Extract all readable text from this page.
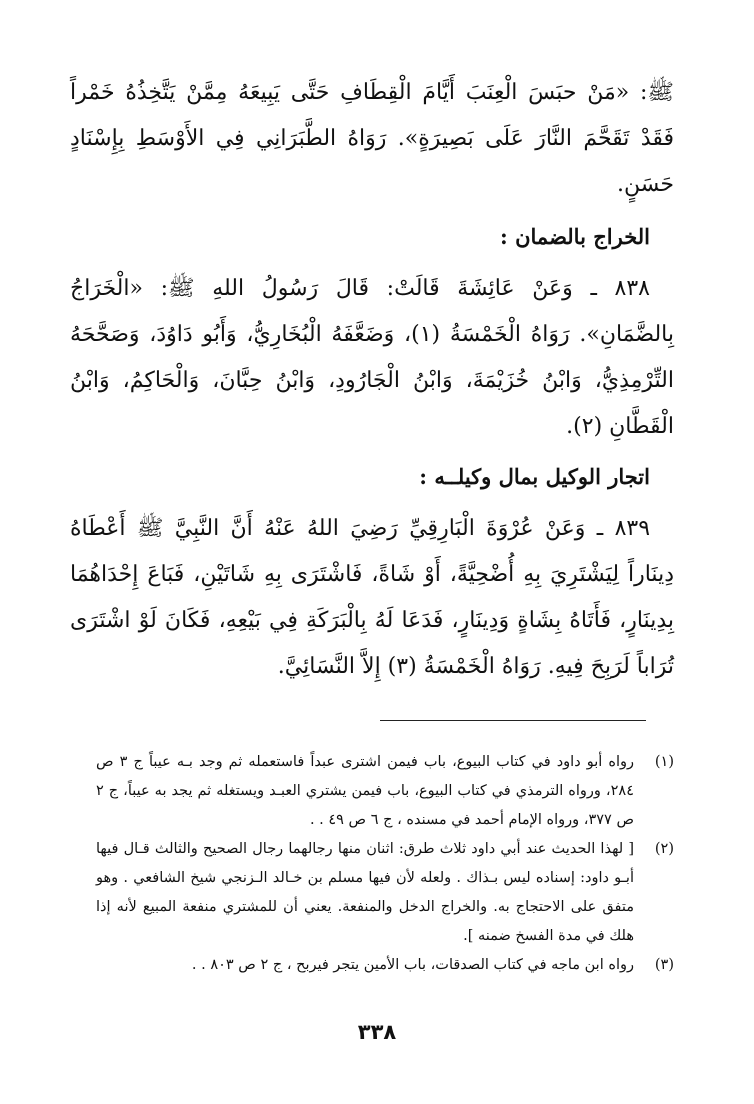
ﷺ: «مَنْ حبَسَ الْعِنَبَ أَيَّامَ الْقِطَافِ حَتَّى يَبِيعَهُ مِمَّنْ يَتَّخِذُهُ خَمْراً فَقَدْ تَقَحَّمَ النَّارَ عَلَى بَصِيرَةٍ». رَوَاهُ الطَّبَرَانِي فِي الأَوْسَطِ بِإِسْنَادٍ حَسَنٍ.
الخراج بالضمان :
٨٣٨ ـ وَعَنْ عَائِشَةَ قَالَتْ: قَالَ رَسُولُ اللهِ ﷺ: «الْخَرَاجُ بِالضَّمَانِ». رَوَاهُ الْخَمْسَةُ (١)، وَضَعَّفَهُ الْبُخَارِيُّ، وَأَبُو دَاوُدَ، وَصَحَّحَهُ التِّرْمِذِيُّ، وَابْنُ خُزَيْمَةَ، وَابْنُ الْجَارُودِ، وَابْنُ حِبَّانَ، وَالْحَاكِمُ، وَابْنُ الْقَطَّانِ (٢).
اتجار الوكيل بمال وكيلــه :
٨٣٩ ـ وَعَنْ عُرْوَةَ الْبَارِقِيِّ رَضِيَ اللهُ عَنْهُ أَنَّ النَّبِيَّ ﷺ أَعْطَاهُ دِينَاراً لِيَشْتَرِيَ بِهِ أُضْحِيَّةً، أَوْ شَاةً، فَاشْتَرَى بِهِ شَاتَيْنِ، فَبَاعَ إِحْدَاهُمَا بِدِينَارٍ، فَأَتَاهُ بِشَاةٍ وَدِينَارٍ، فَدَعَا لَهُ بِالْبَرَكَةِ فِي بَيْعِهِ، فَكَانَ لَوْ اشْتَرَى تُرَاباً لَرَبِحَ فِيهِ. رَوَاهُ الْخَمْسَةُ (٣) إِلاَّ النَّسَائِيَّ.
(١)
رواه أبو داود في كتاب البيوع، باب فيمن اشترى عبداً فاستعمله ثم وجد بـه عيباً ج ٣ ص ٢٨٤، ورواه الترمذي في كتاب البيوع، باب فيمن يشتري العبـد ويستغله ثم يجد به عيباً، ج ٢ ص ٣٧٧، ورواه الإمام أحمد في مسنده ، ج ٦ ص ٤٩ . .
(٢)
[ لهذا الحديث عند أبي داود ثلاث طرق: اثنان منها رجالهما رجال الصحيح والثالث قـال فيها أبـو داود: إسناده ليس بـذاك . ولعله لأن فيها مسلم بن خـالد الـزنجي شيخ الشافعي . وهو متفق على الاحتجاج به. والخراج الدخل والمنفعة. يعني أن للمشتري منفعة المبيع لأنه إذا هلك في مدة الفسخ ضمنه ].
(٣)
رواه ابن ماجه في كتاب الصدقات، باب الأمين يتجر فيربح ، ج ٢ ص ٨٠٣ . .
٣٣٨
